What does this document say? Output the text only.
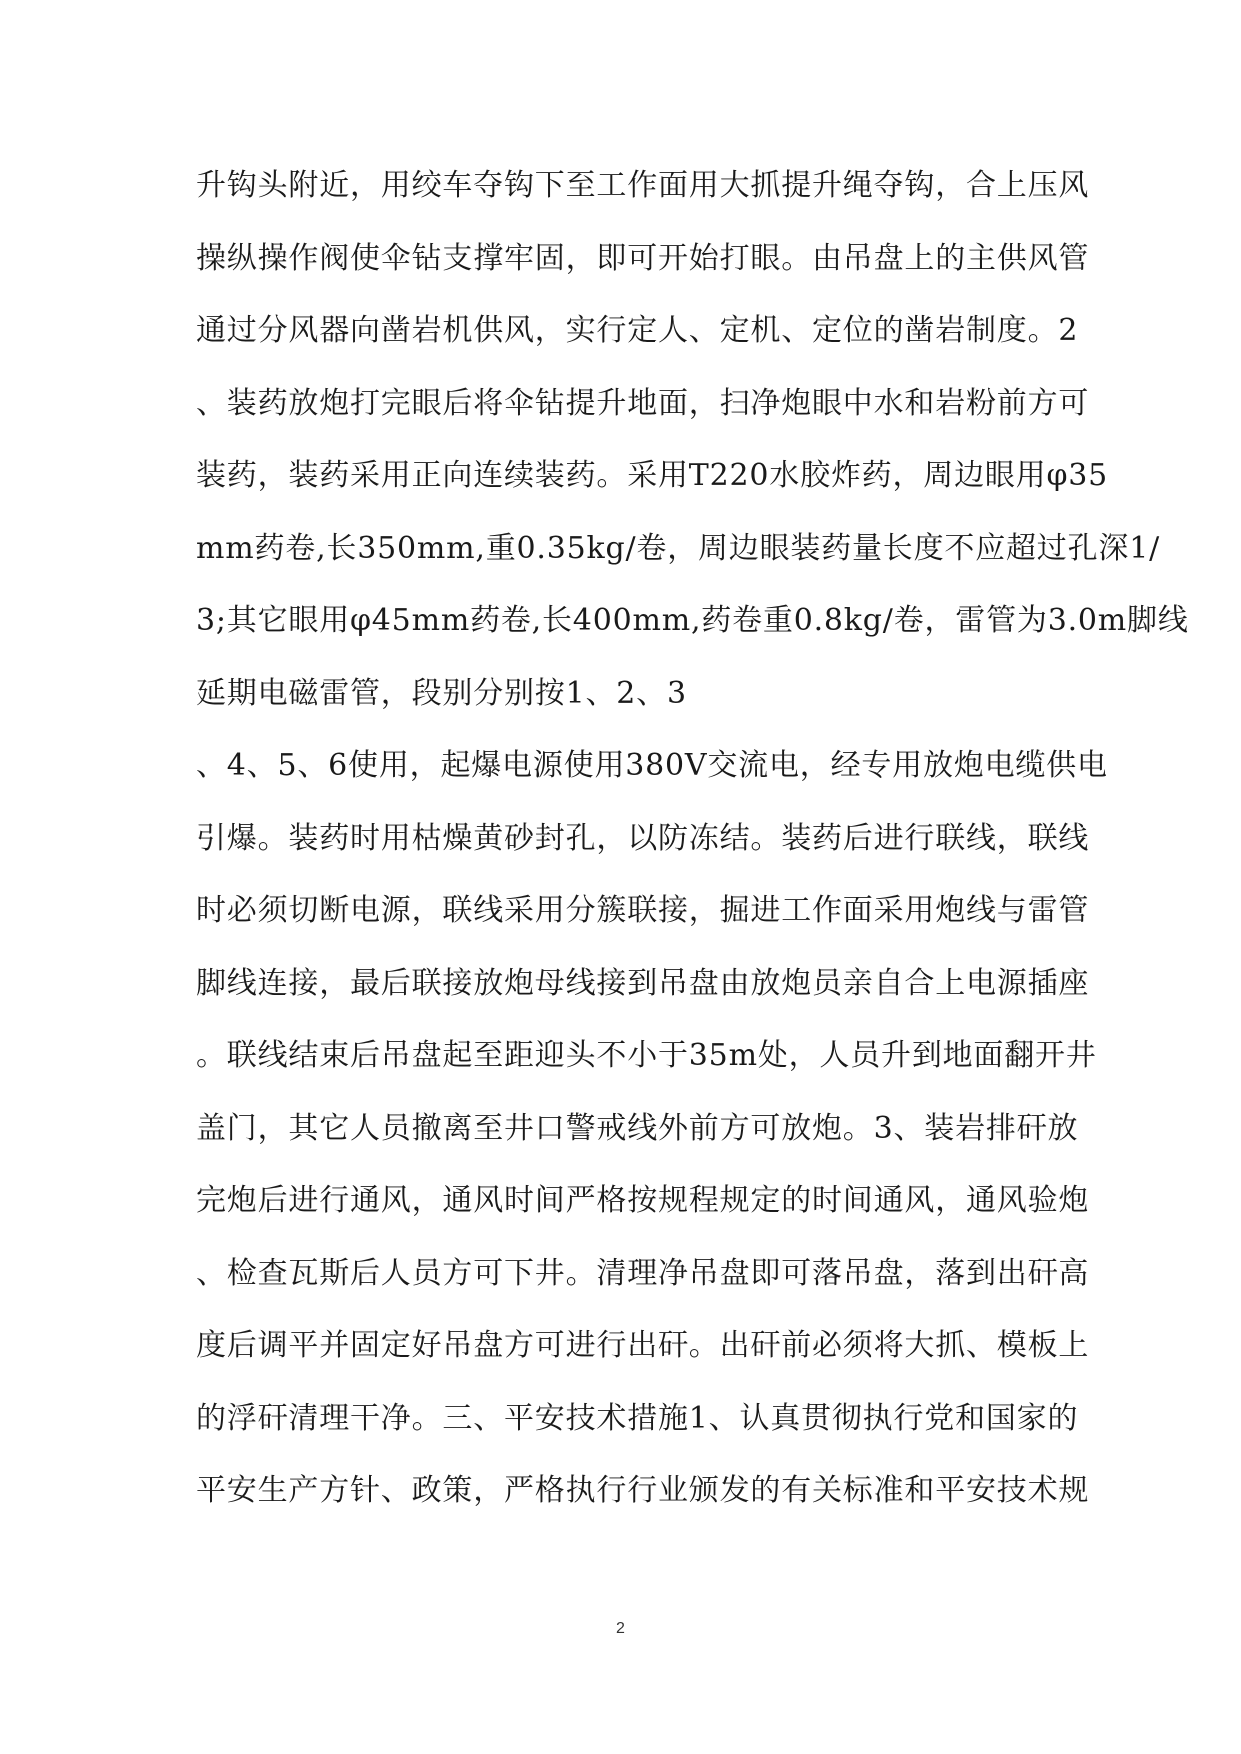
升钩头附近，用绞车夺钩下至工作面用大抓提升绳夺钩，合上压风
操纵操作阀使伞钻支撑牢固，即可开始打眼。由吊盘上的主供风管
通过分风器向凿岩机供风，实行定人、定机、定位的凿岩制度。2
、装药放炮打完眼后将伞钻提升地面，扫净炮眼中水和岩粉前方可
装药，装药采用正向连续装药。采用T220水胶炸药，周边眼用φ35
mm药卷,长350mm,重0.35kg/卷，周边眼装药量长度不应超过孔深1/
3;其它眼用φ45mm药卷,长400mm,药卷重0.8kg/卷，雷管为3.0m脚线
延期电磁雷管，段别分别按1、2、3
、4、5、6使用，起爆电源使用380V交流电，经专用放炮电缆供电
引爆。装药时用枯燥黄砂封孔，以防冻结。装药后进行联线，联线
时必须切断电源，联线采用分簇联接，掘进工作面采用炮线与雷管
脚线连接，最后联接放炮母线接到吊盘由放炮员亲自合上电源插座
。联线结束后吊盘起至距迎头不小于35m处，人员升到地面翻开井
盖门，其它人员撤离至井口警戒线外前方可放炮。3、装岩排矸放
完炮后进行通风，通风时间严格按规程规定的时间通风，通风验炮
、检查瓦斯后人员方可下井。清理净吊盘即可落吊盘，落到出矸高
度后调平并固定好吊盘方可进行出矸。出矸前必须将大抓、模板上
的浮矸清理干净。三、平安技术措施1、认真贯彻执行党和国家的
平安生产方针、政策，严格执行行业颁发的有关标准和平安技术规
2
